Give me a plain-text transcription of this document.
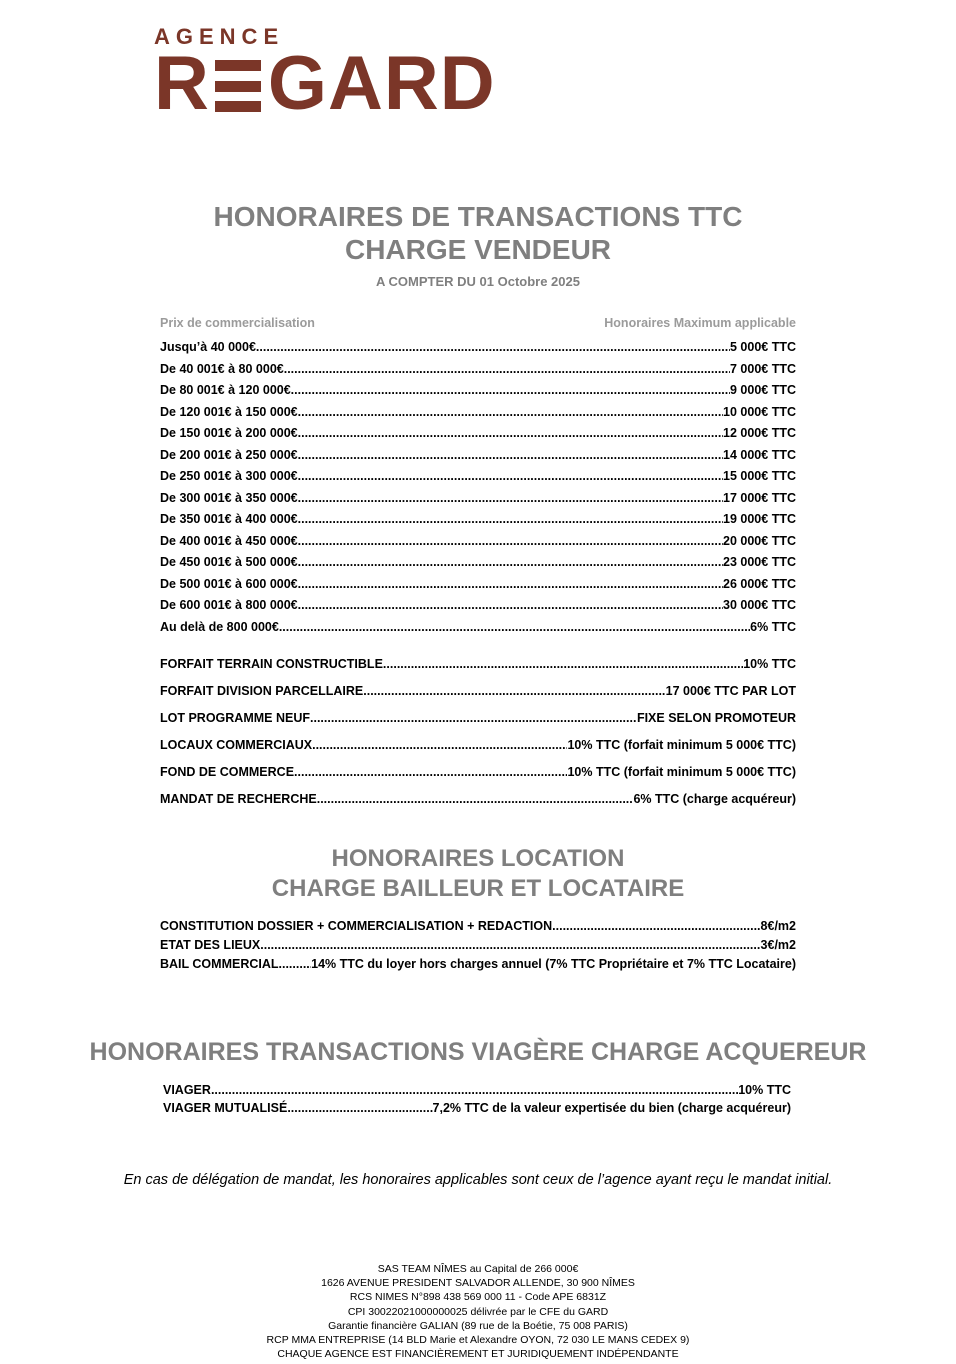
AGENCE
R GARD
HONORAIRES DE TRANSACTIONS TTC
CHARGE VENDEUR
A COMPTER DU 01 Octobre 2025
Prix de commercialisation	Honoraires Maximum applicable
Jusqu’à 40 000€ .....	5 000€ TTC
De 40 001€ à 80 000€ .....	7 000€ TTC
De 80 001€ à 120 000€ .....	9 000€ TTC
De 120 001€ à 150 000€ .....	10 000€ TTC
De 150 001€ à 200 000€ .....	12 000€ TTC
De 200 001€ à 250 000€ .....	14 000€ TTC
De 250 001€ à 300 000€ .....	15 000€ TTC
De 300 001€ à 350 000€ .....	17 000€ TTC
De 350 001€ à 400 000€ .....	19 000€ TTC
De 400 001€ à 450 000€ .....	20 000€ TTC
De 450 001€ à 500 000€ .....	23 000€ TTC
De 500 001€ à 600 000€ .....	26 000€ TTC
De 600 001€ à 800 000€ .....	30 000€ TTC
Au delà de 800 000€ .....	6% TTC
FORFAIT TERRAIN CONSTRUCTIBLE .....	10% TTC
FORFAIT DIVISION PARCELLAIRE .....	17 000€ TTC PAR LOT
LOT PROGRAMME NEUF .....	FIXE SELON PROMOTEUR
LOCAUX COMMERCIAUX .....	10% TTC (forfait minimum 5 000€ TTC)
FOND DE COMMERCE .....	10% TTC (forfait minimum 5 000€ TTC)
MANDAT DE RECHERCHE. .....	6% TTC (charge acquéreur)
HONORAIRES LOCATION
CHARGE BAILLEUR ET LOCATAIRE
CONSTITUTION DOSSIER + COMMERCIALISATION + REDACTION .....	8€/m2
ETAT DES LIEUX .....	3€/m2
BAIL COMMERCIAL .....	14% TTC du loyer hors charges annuel (7% TTC Propriétaire et 7% TTC Locataire)
HONORAIRES TRANSACTIONS VIAGÈRE CHARGE ACQUEREUR
VIAGER .....	10% TTC
VIAGER MUTUALISÉ .....	7,2% TTC de la valeur expertisée du bien (charge acquéreur)
En cas de délégation de mandat, les honoraires applicables sont ceux de l’agence ayant reçu le mandat initial.
SAS TEAM NÎMES au Capital de 266 000€
1626 AVENUE PRESIDENT SALVADOR ALLENDE, 30 900 NÎMES
RCS NIMES N°898 438 569 000 11 - Code APE 6831Z
CPI 30022021000000025 délivrée par le CFE du GARD
Garantie financière GALIAN (89 rue de la Boétie, 75 008 PARIS)
RCP MMA ENTREPRISE (14 BLD Marie et Alexandre OYON, 72 030 LE MANS CEDEX 9)
CHAQUE AGENCE EST FINANCIÈREMENT ET JURIDIQUEMENT INDÉPENDANTE
